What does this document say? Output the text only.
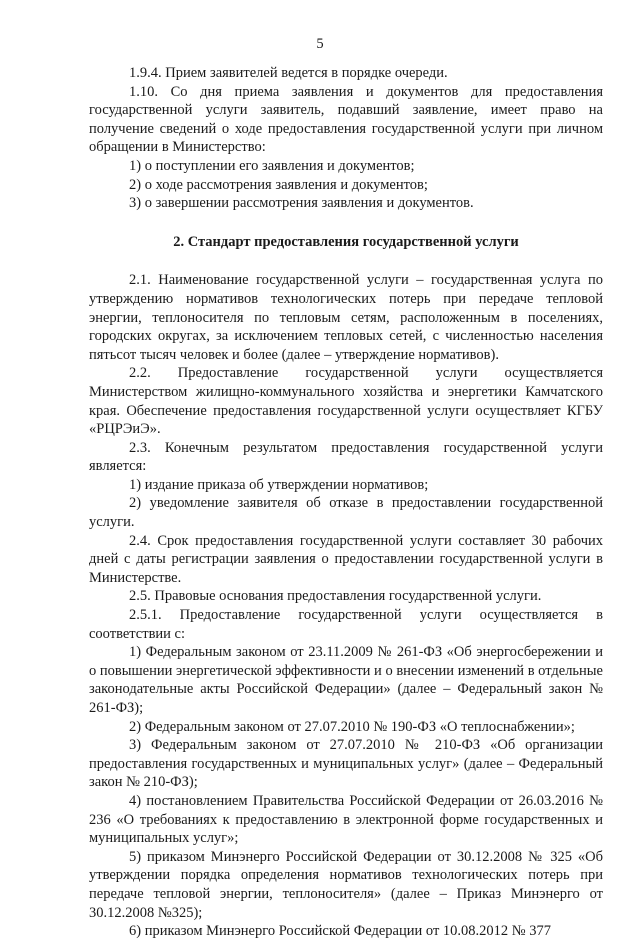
5

1.9.4. Прием заявителей ведется в порядке очереди.

1.10. Со дня приема заявления и документов для предоставления государственной услуги заявитель, подавший заявление, имеет право на получение сведений о ходе предоставления государственной услуги при личном обращении в Министерство:

1) о поступлении его заявления и документов;

2) о ходе рассмотрения заявления и документов;

3) о завершении рассмотрения заявления и документов.

2. Стандарт предоставления государственной услуги

2.1. Наименование государственной услуги – государственная услуга по утверждению нормативов технологических потерь при передаче тепловой энергии, теплоносителя по тепловым сетям, расположенным в поселениях, городских округах, за исключением тепловых сетей, с численностью населения пятьсот тысяч человек и более (далее – утверждение нормативов).

2.2. Предоставление государственной услуги осуществляется Министерством жилищно-коммунального хозяйства и энергетики Камчатского края. Обеспечение предоставления государственной услуги осуществляет КГБУ «РЦРЭиЭ».

2.3. Конечным результатом предоставления государственной услуги является:

1) издание приказа об утверждении нормативов;

2) уведомление заявителя об отказе в предоставлении государственной услуги.

2.4. Срок предоставления государственной услуги составляет 30 рабочих дней с даты регистрации заявления о предоставлении государственной услуги в Министерстве.

2.5. Правовые основания предоставления государственной услуги.

2.5.1. Предоставление государственной услуги осуществляется в соответствии с:

1) Федеральным законом от 23.11.2009 № 261-ФЗ «Об энергосбережении и о повышении энергетической эффективности и о внесении изменений в отдельные законодательные акты Российской Федерации» (далее – Федеральный закон № 261-ФЗ);

2) Федеральным законом от 27.07.2010 № 190-ФЗ «О теплоснабжении»;

3) Федеральным законом от 27.07.2010 № 210-ФЗ «Об организации предоставления государственных и муниципальных услуг» (далее – Федеральный закон № 210-ФЗ);

4) постановлением Правительства Российской Федерации от 26.03.2016 № 236 «О требованиях к предоставлению в электронной форме государственных и муниципальных услуг»;

5) приказом Минэнерго Российской Федерации от 30.12.2008 № 325 «Об утверждении порядка определения нормативов технологических потерь при передаче тепловой энергии, теплоносителя» (далее – Приказ Минэнерго от 30.12.2008 №325);

6) приказом Минэнерго Российской Федерации от 10.08.2012 № 377
